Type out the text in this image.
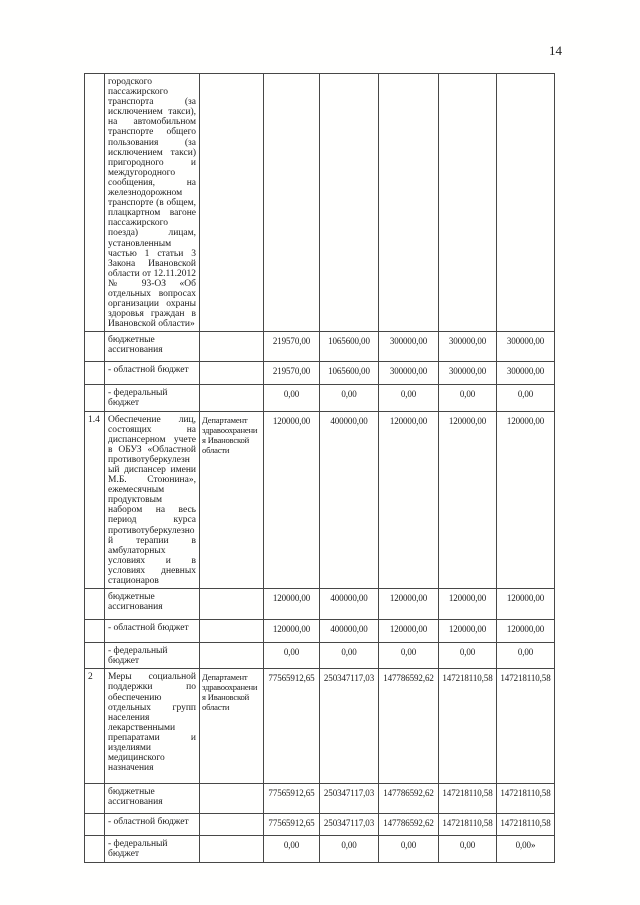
14
	городского пассажирского транспорта (за исключением такси), на автомобильном транспорте общего пользования (за исключением такси) пригородного и междугородного сообщения, на железнодорожном транспорте (в общем, плацкартном вагоне пассажирского поезда) лицам, установленным частью 1 статьи 3 Закона Ивановской области от 12.11.2012 № 93-ОЗ «Об отдельных вопросах организации охраны здоровья граждан в Ивановской области»						
	бюджетные ассигнования		219570,00	1065600,00	300000,00	300000,00	300000,00
	- областной бюджет		219570,00	1065600,00	300000,00	300000,00	300000,00
	- федеральный бюджет		0,00	0,00	0,00	0,00	0,00
1.4	Обеспечение лиц, состоящих на диспансерном учете в ОБУЗ «Областной противотуберкулезный диспансер имени М.Б. Стоюнина», ежемесячным продуктовым набором на весь период курса противотуберкулезной терапии в амбулаторных условиях и в условиях дневных стационаров	Департамент здравоохранения Ивановской области	120000,00	400000,00	120000,00	120000,00	120000,00
	бюджетные ассигнования		120000,00	400000,00	120000,00	120000,00	120000,00
	- областной бюджет		120000,00	400000,00	120000,00	120000,00	120000,00
	- федеральный бюджет		0,00	0,00	0,00	0,00	0,00
2	Меры социальной поддержки по обеспечению отдельных групп населения лекарственными препаратами и изделиями медицинского назначения	Департамент здравоохранения Ивановской области	77565912,65	250347117,03	147786592,62	147218110,58	147218110,58
	бюджетные ассигнования		77565912,65	250347117,03	147786592,62	147218110,58	147218110,58
	- областной бюджет		77565912,65	250347117,03	147786592,62	147218110,58	147218110,58
	- федеральный бюджет		0,00	0,00	0,00	0,00	0,00»
